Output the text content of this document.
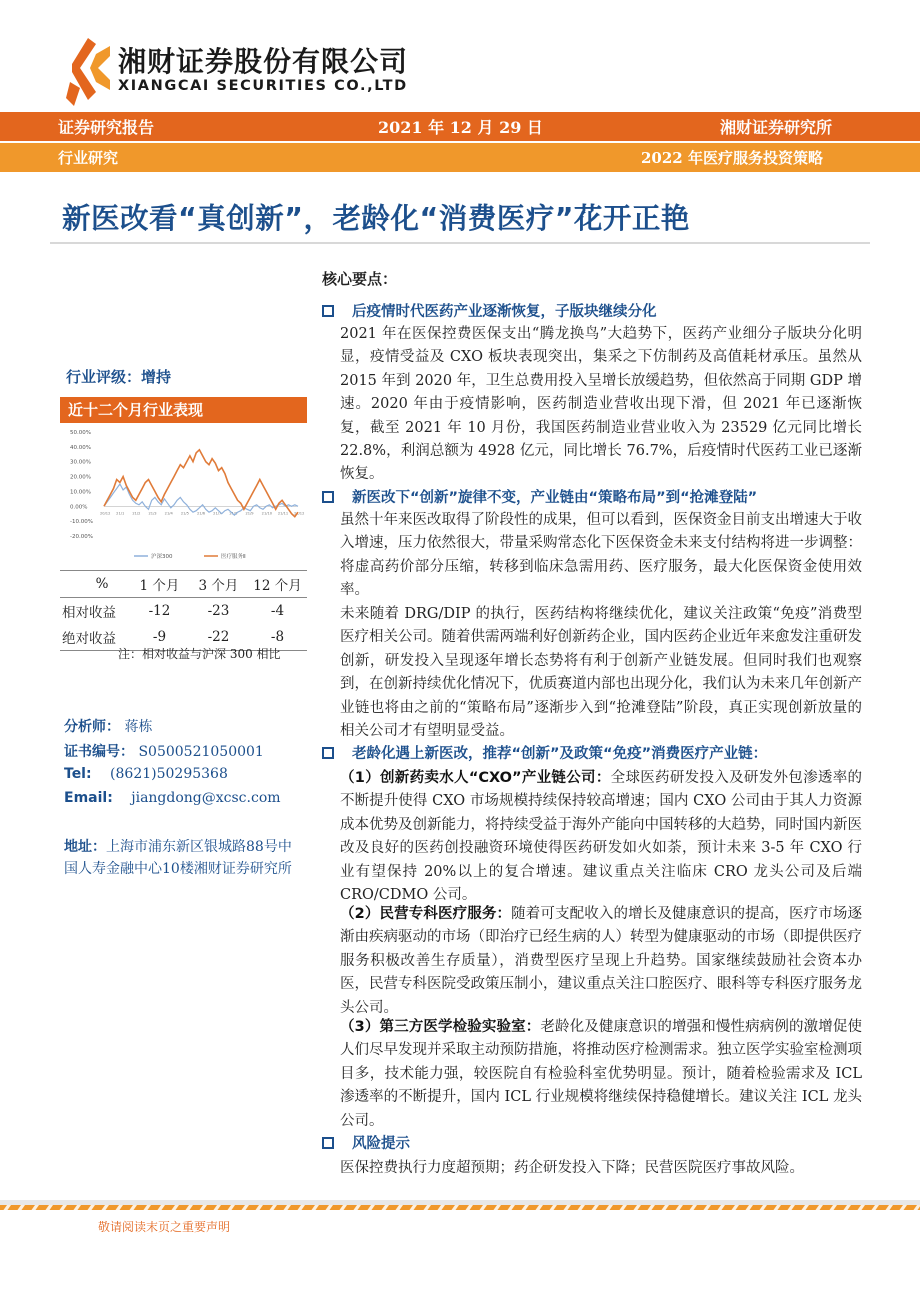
湘财证券股份有限公司
XIANGCAI SECURITIES CO.,LTD
证券研究报告	2021 年 12 月 29 日	湘财证券研究所
行业研究	2022 年医疗服务投资策略
新医改看“真创新”，老龄化“消费医疗”花开正艳
行业评级：增持
近十二个月行业表现
50.00%
40.00%
30.00%
20.00%
10.00%
0.00%
-10.00%
-20.00%
20/12 21/1 21/2 21/3 21/4 21/5 21/6 21/7 21/8 21/9 21/10 21/11 21/12
沪深300	医疗服务Ⅱ
%	1 个月	3 个月	12 个月
相对收益	-12	-23	-4
绝对收益	-9	-22	-8
注：相对收益与沪深 300 相比
分析师： 蒋栋
证书编号： S0500521050001
Tel: (8621)50295368
Email: jiangdong@xcsc.com
地址：上海市浦东新区银城路88号中国人寿金融中心10楼湘财证券研究所
核心要点：
后疫情时代医药产业逐渐恢复，子版块继续分化

2021 年在医保控费医保支出“腾龙换鸟”大趋势下，医药产业细分子版块分化明显，疫情受益及 CXO 板块表现突出，集采之下仿制药及高值耗材承压。虽然从 2015 年到 2020 年，卫生总费用投入呈增长放缓趋势，但依然高于同期 GDP 增速。2020 年由于疫情影响，医药制造业营收出现下滑，但 2021 年已逐渐恢复，截至 2021 年 10 月份，我国医药制造业营业收入为 23529 亿元同比增长 22.8%，利润总额为 4928 亿元，同比增长 76.7%，后疫情时代医药工业已逐渐恢复。

新医改下“创新”旋律不变，产业链由“策略布局”到“抢滩登陆”

虽然十年来医改取得了阶段性的成果，但可以看到，医保资金目前支出增速大于收入增速，压力依然很大，带量采购常态化下医保资金未来支付结构将进一步调整：将虚高药价部分压缩，转移到临床急需用药、医疗服务，最大化医保资金使用效率。

未来随着 DRG/DIP 的执行，医药结构将继续优化，建议关注政策“免疫”消费型医疗相关公司。随着供需两端利好创新药企业，国内医药企业近年来愈发注重研发创新，研发投入呈现逐年增长态势将有利于创新产业链发展。但同时我们也观察到，在创新持续优化情况下，优质赛道内部也出现分化，我们认为未来几年创新产业链也将由之前的“策略布局”逐渐步入到“抢滩登陆”阶段，真正实现创新放量的相关公司才有望明显受益。

老龄化遇上新医改，推荐“创新”及政策“免疫”消费医疗产业链：

（1）创新药卖水人“CXO”产业链公司：全球医药研发投入及研发外包渗透率的不断提升使得 CXO 市场规模持续保持较高增速；国内 CXO 公司由于其人力资源成本优势及创新能力，将持续受益于海外产能向中国转移的大趋势，同时国内新医改及良好的医药创投融资环境使得医药研发如火如荼，预计未来 3-5 年 CXO 行业有望保持 20%以上的复合增速。建议重点关注临床 CRO 龙头公司及后端 CRO/CDMO 公司。

（2）民营专科医疗服务：随着可支配收入的增长及健康意识的提高，医疗市场逐渐由疾病驱动的市场（即治疗已经生病的人）转型为健康驱动的市场（即提供医疗服务积极改善生存质量），消费型医疗呈现上升趋势。国家继续鼓励社会资本办医，民营专科医院受政策压制小，建议重点关注口腔医疗、眼科等专科医疗服务龙头公司。

（3）第三方医学检验实验室：老龄化及健康意识的增强和慢性病病例的激增促使人们尽早发现并采取主动预防措施，将推动医疗检测需求。独立医学实验室检测项目多，技术能力强，较医院自有检验科室优势明显。预计，随着检验需求及 ICL 渗透率的不断提升，国内 ICL 行业规模将继续保持稳健增长。建议关注 ICL 龙头公司。

风险提示

医保控费执行力度超预期；药企研发投入下降；民营医院医疗事故风险。

敬请阅读末页之重要声明
